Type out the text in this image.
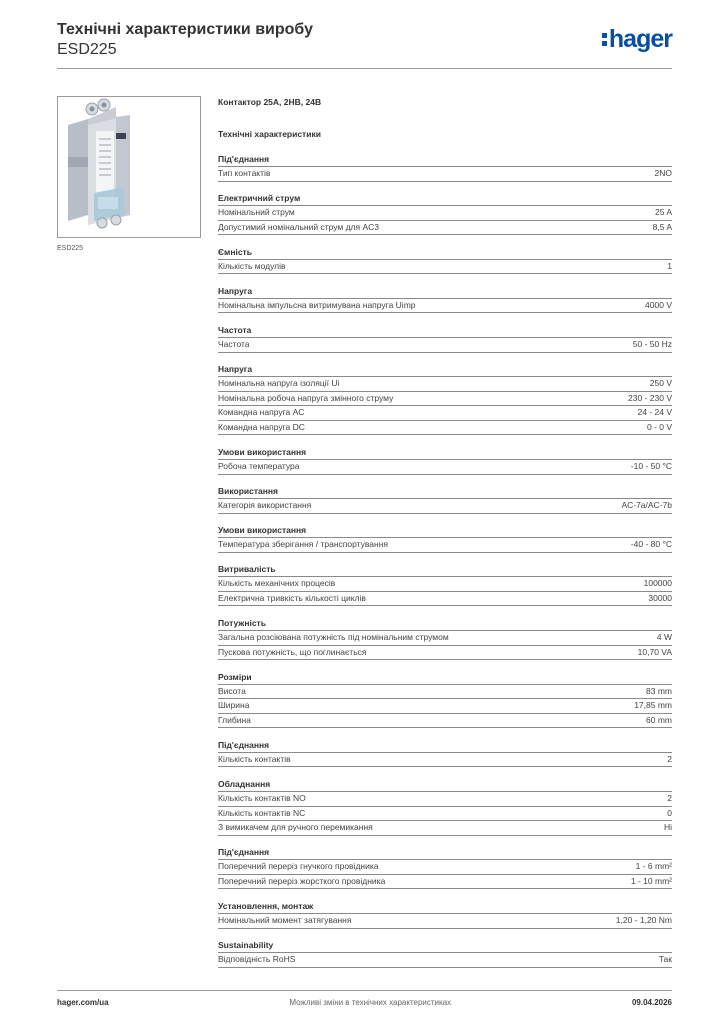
Технічні характеристики виробу
ESD225	hager
ESD225
Контактор 25А, 2НВ, 24В
Технічні характеристики
Під'єднання
Тип контактів	2NO
Електричний струм
Номінальний струм	25 A
Допустимий номінальний струм для AC3	8,5 A
Ємність
Кількість модулів	1
Напруга
Номінальна імпульсна витримувана напруга Uimp	4000 V
Частота
Частота	50 - 50 Hz
Напруга
Номінальна напруга ізоляції Ui	250 V
Номінальна робоча напруга змінного струму	230 - 230 V
Командна напруга AC	24 - 24 V
Командна напруга DC	0 - 0 V
Умови використання
Робоча температура	-10 - 50 °C
Використання
Категорія використання	AC-7a/AC-7b
Умови використання
Температура зберігання / транспортування	-40 - 80 °C
Витривалість
Кількість механічних процесів	100000
Електрична тривкість кількості циклів	30000
Потужність
Загальна розсіювана потужність під номінальним струмом	4 W
Пускова потужність, що поглинається	10,70 VA
Розміри
Висота	83 mm
Ширина	17,85 mm
Глибина	60 mm
Під'єднання
Кількість контактів	2
Обладнання
Кількість контактів NO	2
Кількість контактів NC	0
З вимикачем для ручного перемикання	Ні
Під'єднання
Поперечний переріз гнучкого провідника	1 - 6 mm²
Поперечний переріз жорсткого провідника	1 - 10 mm²
Установлення, монтаж
Номінальний момент затягування	1,20 - 1,20 Nm
Sustainability
Відповідність RoHS	Так
hager.com/ua	Можливі зміни в технічних характеристиках	09.04.2026
